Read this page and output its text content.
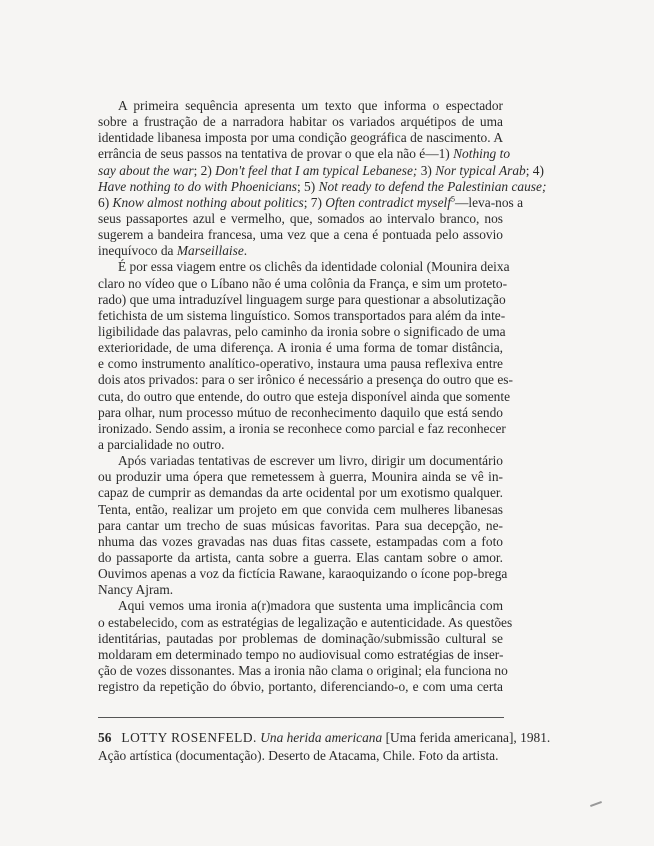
A primeira sequência apresenta um texto que informa o espectador
sobre a frustração de a narradora habitar os variados arquétipos de uma
identidade libanesa imposta por uma condição geográfica de nascimento. A
errância de seus passos na tentativa de provar o que ela não é—1) Nothing to
say about the war; 2) Don't feel that I am typical Lebanese; 3) Nor typical Arab; 4)
Have nothing to do with Phoenicians; 5) Not ready to defend the Palestinian cause;
6) Know almost nothing about politics; 7) Often contradict myself$^5$—leva-nos a
seus passaportes azul e vermelho, que, somados ao intervalo branco, nos
sugerem a bandeira francesa, uma vez que a cena é pontuada pelo assovio
inequívoco da Marseillaise.
É por essa viagem entre os clichês da identidade colonial (Mounira deixa
claro no vídeo que o Líbano não é uma colônia da França, e sim um proteto-
rado) que uma intraduzível linguagem surge para questionar a absolutização
fetichista de um sistema linguístico. Somos transportados para além da inte-
ligibilidade das palavras, pelo caminho da ironia sobre o significado de uma
exterioridade, de uma diferença. A ironia é uma forma de tomar distância,
e como instrumento analítico-operativo, instaura uma pausa reflexiva entre
dois atos privados: para o ser irônico é necessário a presença do outro que es-
cuta, do outro que entende, do outro que esteja disponível ainda que somente
para olhar, num processo mútuo de reconhecimento daquilo que está sendo
ironizado. Sendo assim, a ironia se reconhece como parcial e faz reconhecer
a parcialidade no outro.
Após variadas tentativas de escrever um livro, dirigir um documentário
ou produzir uma ópera que remetessem à guerra, Mounira ainda se vê in-
capaz de cumprir as demandas da arte ocidental por um exotismo qualquer.
Tenta, então, realizar um projeto em que convida cem mulheres libanesas
para cantar um trecho de suas músicas favoritas. Para sua decepção, ne-
nhuma das vozes gravadas nas duas fitas cassete, estampadas com a foto
do passaporte da artista, canta sobre a guerra. Elas cantam sobre o amor.
Ouvimos apenas a voz da fictícia Rawane, karaoquizando o ícone pop-brega
Nancy Ajram.
Aqui vemos uma ironia a(r)madora que sustenta uma implicância com
o estabelecido, com as estratégias de legalização e autenticidade. As questões
identitárias, pautadas por problemas de dominação/submissão cultural se
moldaram em determinado tempo no audiovisual como estratégias de inser-
ção de vozes dissonantes. Mas a ironia não clama o original; ela funciona no
registro da repetição do óbvio, portanto, diferenciando-o, e com uma certa
56 LOTTY ROSENFELD. Una herida americana [Uma ferida americana], 1981.
Ação artística (documentação). Deserto de Atacama, Chile. Foto da artista.
